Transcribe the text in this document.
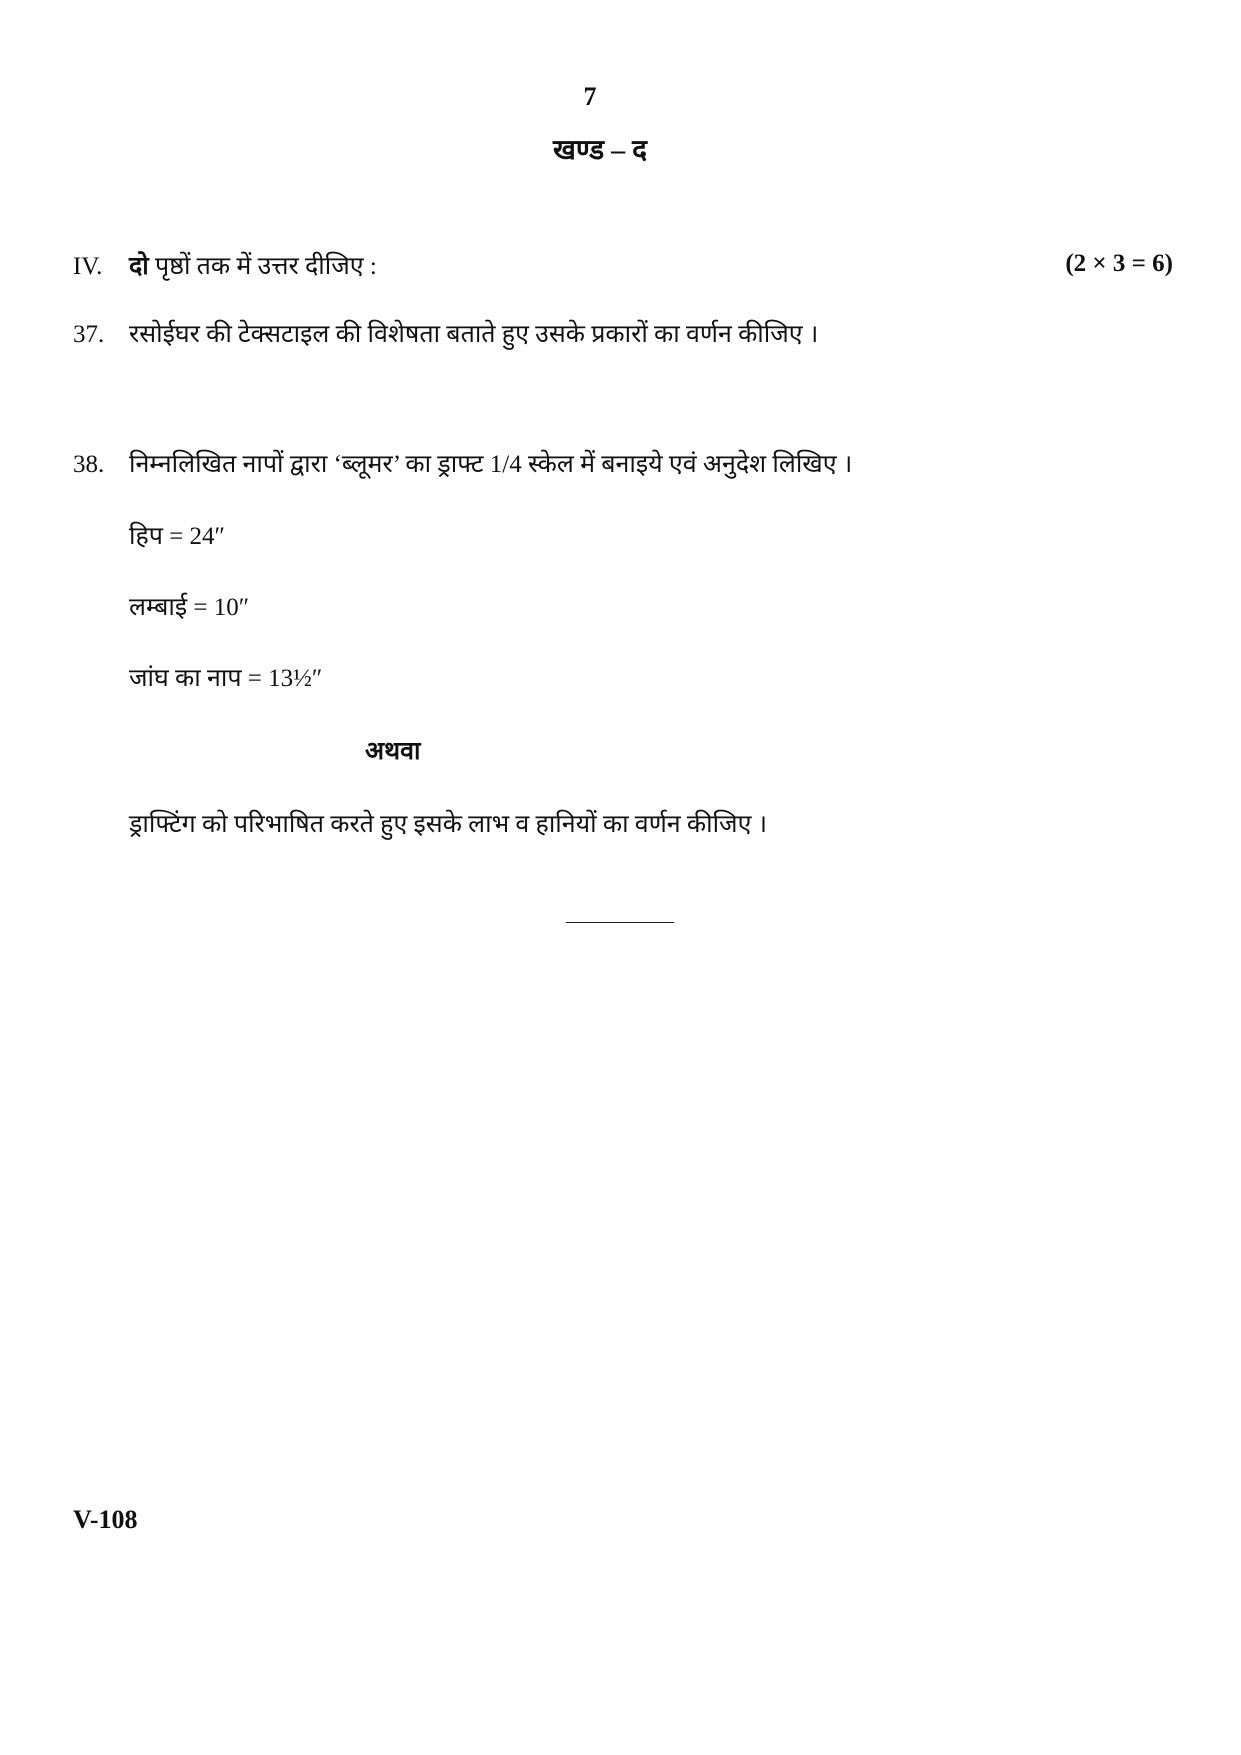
7
खण्ड – द
IV. दो पृष्ठों तक में उत्तर दीजिए :	(2 × 3 = 6)
37. रसोईघर की टेक्सटाइल की विशेषता बताते हुए उसके प्रकारों का वर्णन कीजिए ।
38. निम्नलिखित नापों द्वारा ‘ब्लूमर’ का ड्राफ्ट 1/4 स्केल में बनाइये एवं अनुदेश लिखिए ।
हिप = 24″
लम्बाई = 10″
जांघ का नाप = 13½″
अथवा
ड्राफ्टिंग को परिभाषित करते हुए इसके लाभ व हानियों का वर्णन कीजिए ।
V-108
